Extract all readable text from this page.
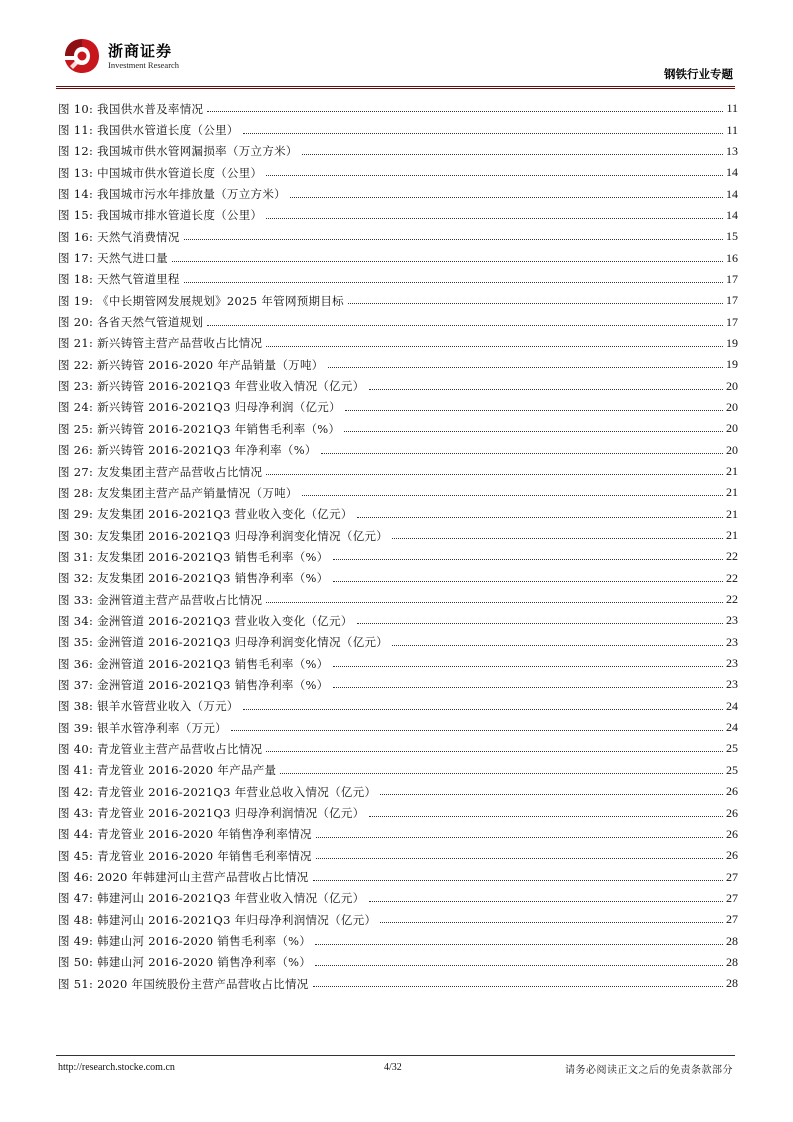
浙商证券
Investment Research
钢铁行业专题
图 10: 我国供水普及率情况	11
图 11: 我国供水管道长度（公里）	11
图 12: 我国城市供水管网漏损率（万立方米）	13
图 13: 中国城市供水管道长度（公里）	14
图 14: 我国城市污水年排放量（万立方米）	14
图 15: 我国城市排水管道长度（公里）	14
图 16: 天然气消费情况	15
图 17: 天然气进口量	16
图 18: 天然气管道里程	17
图 19: 《中长期管网发展规划》2025 年管网预期目标	17
图 20: 各省天然气管道规划	17
图 21: 新兴铸管主营产品营收占比情况	19
图 22: 新兴铸管 2016-2020 年产品销量（万吨）	19
图 23: 新兴铸管 2016-2021Q3 年营业收入情况（亿元）	20
图 24: 新兴铸管 2016-2021Q3 归母净利润（亿元）	20
图 25: 新兴铸管 2016-2021Q3 年销售毛利率（%）	20
图 26: 新兴铸管 2016-2021Q3 年净利率（%）	20
图 27: 友发集团主营产品营收占比情况	21
图 28: 友发集团主营产品产销量情况（万吨）	21
图 29: 友发集团 2016-2021Q3 营业收入变化（亿元）	21
图 30: 友发集团 2016-2021Q3 归母净利润变化情况（亿元）	21
图 31: 友发集团 2016-2021Q3 销售毛利率（%）	22
图 32: 友发集团 2016-2021Q3 销售净利率（%）	22
图 33: 金洲管道主营产品营收占比情况	22
图 34: 金洲管道 2016-2021Q3 营业收入变化（亿元）	23
图 35: 金洲管道 2016-2021Q3 归母净利润变化情况（亿元）	23
图 36: 金洲管道 2016-2021Q3 销售毛利率（%）	23
图 37: 金洲管道 2016-2021Q3 销售净利率（%）	23
图 38: 银羊水管营业收入（万元）	24
图 39: 银羊水管净利率（万元）	24
图 40: 青龙管业主营产品营收占比情况	25
图 41: 青龙管业 2016-2020 年产品产量	25
图 42: 青龙管业 2016-2021Q3 年营业总收入情况（亿元）	26
图 43: 青龙管业 2016-2021Q3 归母净利润情况（亿元）	26
图 44: 青龙管业 2016-2020 年销售净利率情况	26
图 45: 青龙管业 2016-2020 年销售毛利率情况	26
图 46: 2020 年韩建河山主营产品营收占比情况	27
图 47: 韩建河山 2016-2021Q3 年营业收入情况（亿元）	27
图 48: 韩建河山 2016-2021Q3 年归母净利润情况（亿元）	27
图 49: 韩建山河 2016-2020 销售毛利率（%）	28
图 50: 韩建山河 2016-2020 销售净利率（%）	28
图 51: 2020 年国统股份主营产品营收占比情况	28
http://research.stocke.com.cn	4/32	请务必阅读正文之后的免责条款部分
